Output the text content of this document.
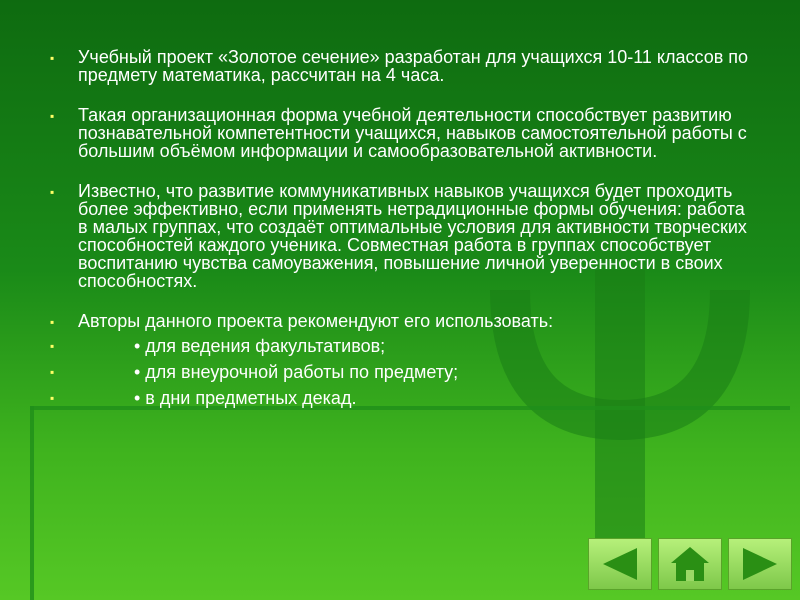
▪	Учебный проект «Золотое сечение» разработан для учащихся 10-11 классов по предмету математика, рассчитан на 4 часа.
▪	Такая организационная форма учебной деятельности способствует развитию познавательной компетентности учащихся, навыков самостоятельной работы с большим объёмом информации и самообразовательной активности.
▪	Известно, что развитие коммуникативных навыков учащихся будет проходить более эффективно, если применять нетрадиционные формы обучения: работа в малых группах, что создаёт оптимальные условия для активности творческих способностей каждого ученика. Совместная работа в группах способствует воспитанию чувства самоуважения, повышение личной уверенности в своих способностях.
▪	Авторы данного проекта рекомендуют его использовать:
▪	• для ведения факультативов;
▪	• для внеурочной работы по предмету;
▪	• в дни предметных декад.
